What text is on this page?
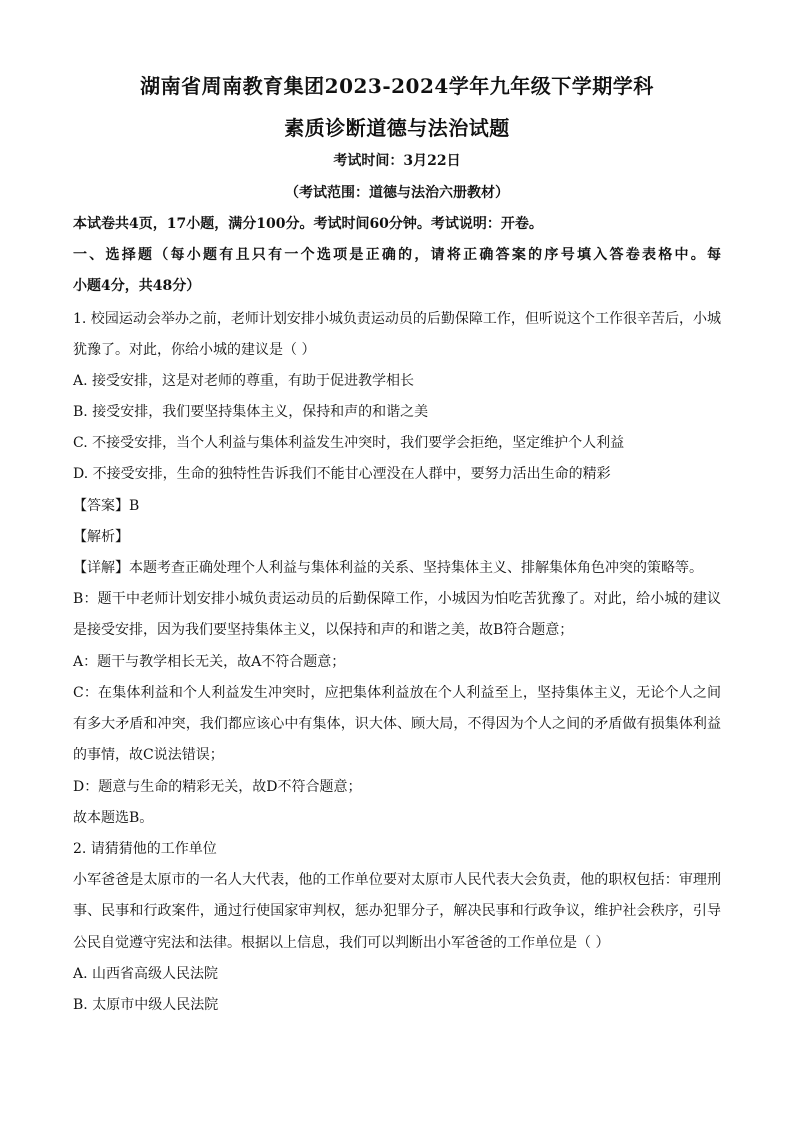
湖南省周南教育集团2023-2024学年九年级下学期学科
素质诊断道德与法治试题
考试时间：3月22日
（考试范围：道德与法治六册教材）
本试卷共4页，17小题，满分100分。考试时间60分钟。考试说明：开卷。
一、选择题（每小题有且只有一个选项是正确的，请将正确答案的序号填入答卷表格中。每
小题4分，共48分）
1. 校园运动会举办之前，老师计划安排小城负责运动员的后勤保障工作，但听说这个工作很辛苦后，小城
犹豫了。对此，你给小城的建议是（ ）
A. 接受安排，这是对老师的尊重，有助于促进教学相长
B. 接受安排，我们要坚持集体主义，保持和声的和谐之美
C. 不接受安排，当个人利益与集体利益发生冲突时，我们要学会拒绝，坚定维护个人利益
D. 不接受安排，生命的独特性告诉我们不能甘心湮没在人群中，要努力活出生命的精彩
【答案】B
【解析】
【详解】本题考查正确处理个人利益与集体利益的关系、坚持集体主义、排解集体角色冲突的策略等。
B：题干中老师计划安排小城负责运动员的后勤保障工作，小城因为怕吃苦犹豫了。对此，给小城的建议
是接受安排，因为我们要坚持集体主义，以保持和声的和谐之美，故B符合题意；
A：题干与教学相长无关，故A不符合题意；
C：在集体利益和个人利益发生冲突时，应把集体利益放在个人利益至上，坚持集体主义，无论个人之间
有多大矛盾和冲突，我们都应该心中有集体，识大体、顾大局，不得因为个人之间的矛盾做有损集体利益
的事情，故C说法错误；
D：题意与生命的精彩无关，故D不符合题意；
故本题选B。
2. 请猜猜他的工作单位
小军爸爸是太原市的一名人大代表，他的工作单位要对太原市人民代表大会负责，他的职权包括：审理刑
事、民事和行政案件，通过行使国家审判权，惩办犯罪分子，解决民事和行政争议，维护社会秩序，引导
公民自觉遵守宪法和法律。根据以上信息，我们可以判断出小军爸爸的工作单位是（ ）
A. 山西省高级人民法院
B. 太原市中级人民法院
